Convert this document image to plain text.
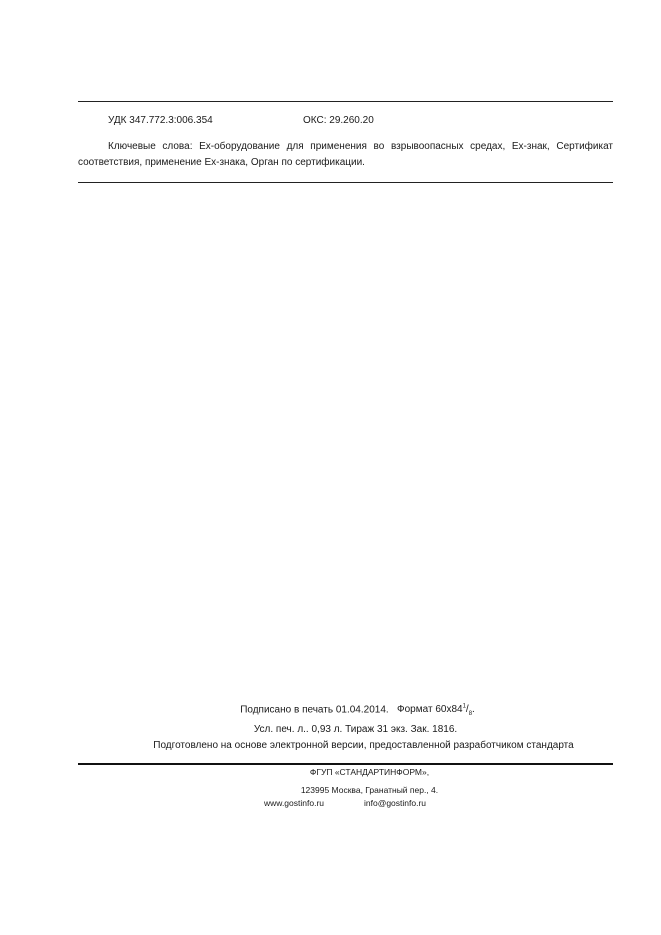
УДК 347.772.3:006.354	ОКС: 29.260.20
Ключевые слова: Ех-оборудование для применения во взрывоопасных средах, Ех-знак, Сертификат
соответствия, применение Ех-знака, Орган по сертификации.
Подписано в печать 01.04.2014. Формат $60x84^1/_8$.
Усл. печ. л.. 0,93 л. Тираж 31 экз. Зак. 1816.
Подготовлено на основе электронной версии, предоставленной разработчиком стандарта
ФГУП «СТАНДАРТИНФОРМ»,
123995 Москва, Гранатный пер., 4.
www.gostinfo.ru	info@gostinfo.ru
